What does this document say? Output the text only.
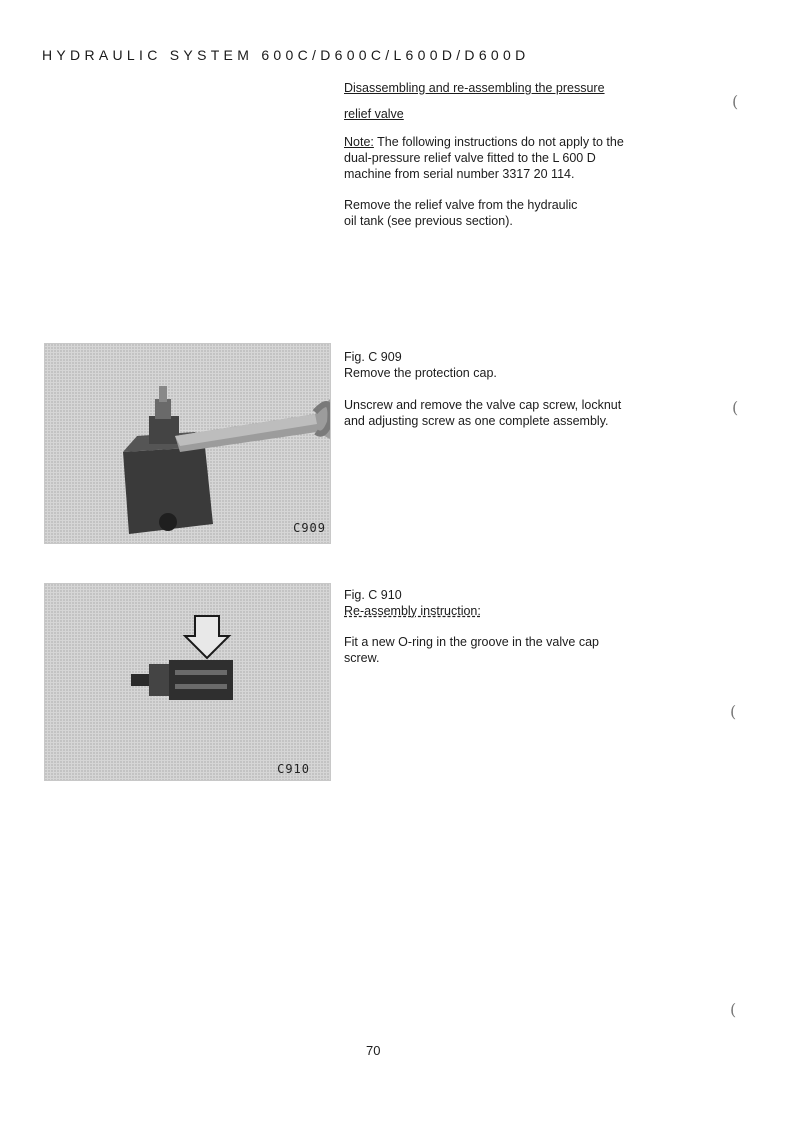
HYDRAULIC SYSTEM 600C/D600C/L600D/D600D
Disassembling and re-assembling the pressure
relief valve
Note: The following instructions do not apply to the
dual-pressure relief valve fitted to the L 600 D
machine from serial number 3317 20 114.
Remove the relief valve from the hydraulic
oil tank (see previous section).
C909
Fig. C 909
Remove the protection cap.
Unscrew and remove the valve cap screw, locknut
and adjusting screw as one complete assembly.
C910
Fig. C 910
Re-assembly instruction:
Fit a new O-ring in the groove in the valve cap
screw.
(
(
(
(
70
